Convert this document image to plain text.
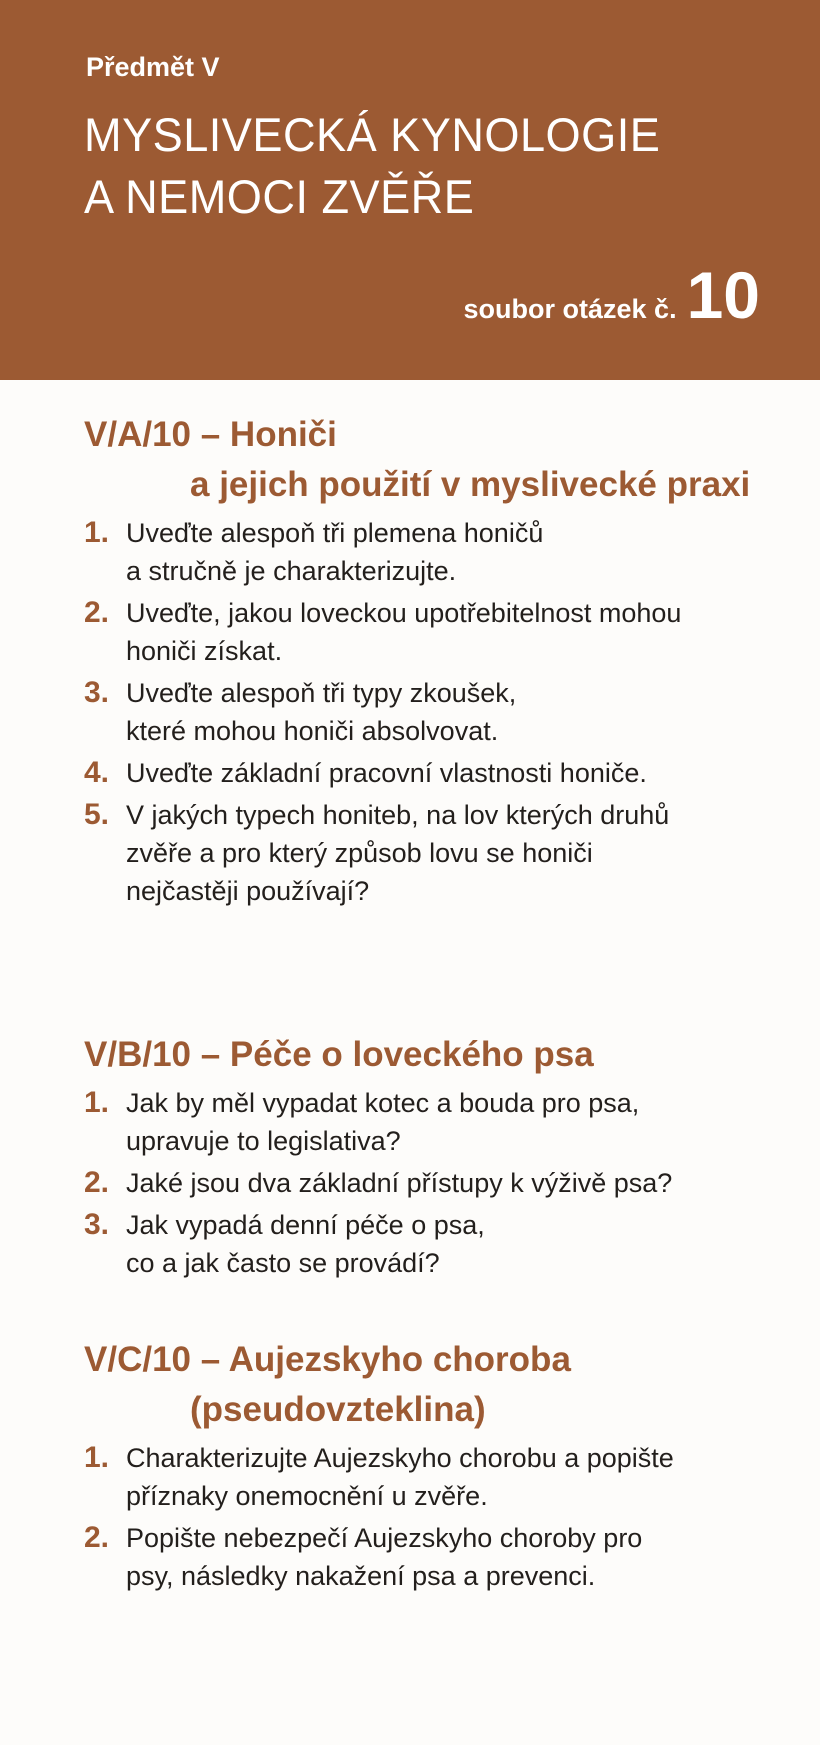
Předmět V
MYSLIVECKÁ KYNOLOGIE
A NEMOCI ZVĚŘE
soubor otázek č. 10
V/A/10 – Honiči
a jejich použití v myslivecké praxi
1. Uveďte alespoň tři plemena honičů
a stručně je charakterizujte.
2. Uveďte, jakou loveckou upotřebitelnost mohou
honiči získat.
3. Uveďte alespoň tři typy zkoušek,
které mohou honiči absolvovat.
4. Uveďte základní pracovní vlastnosti honiče.
5. V jakých typech honiteb, na lov kterých druhů
zvěře a pro který způsob lovu se honiči
nejčastěji používají?
V/B/10 – Péče o loveckého psa
1. Jak by měl vypadat kotec a bouda pro psa,
upravuje to legislativa?
2. Jaké jsou dva základní přístupy k výživě psa?
3. Jak vypadá denní péče o psa,
co a jak často se provádí?
V/C/10 – Aujezskyho choroba
(pseudovzteklina)
1. Charakterizujte Aujezskyho chorobu a popište
příznaky onemocnění u zvěře.
2. Popište nebezpečí Aujezskyho choroby pro
psy, následky nakažení psa a prevenci.
